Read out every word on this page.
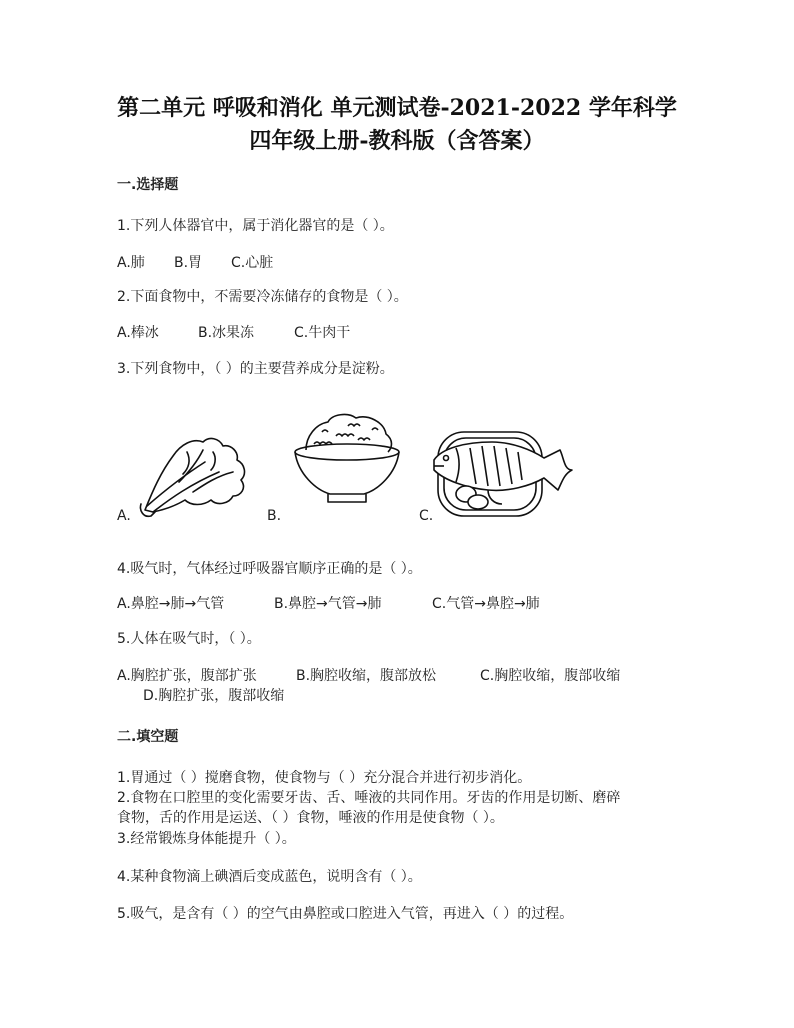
第二单元 呼吸和消化 单元测试卷-2021-2022 学年科学
四年级上册-教科版（含答案）
一.选择题
1.下列人体器官中，属于消化器官的是（ ）。
A.肺 B.胃 C.心脏
2.下面食物中，不需要冷冻储存的食物是（ ）。
A.棒冰	B.冰果冻	C.牛肉干
3.下列食物中，（ ）的主要营养成分是淀粉。
A.	B.	C.
4.吸气时，气体经过呼吸器官顺序正确的是（ ）。
A.鼻腔→肺→气管	B.鼻腔→气管→肺	C.气管→鼻腔→肺
5.人体在吸气时，（ ）。
A.胸腔扩张，腹部扩张	B.胸腔收缩，腹部放松	C.胸腔收缩，腹部收缩
D.胸腔扩张，腹部收缩
二.填空题
1.胃通过（ ）搅磨食物，使食物与（ ）充分混合并进行初步消化。
2.食物在口腔里的变化需要牙齿、舌、唾液的共同作用。牙齿的作用是切断、磨碎
食物，舌的作用是运送、（ ）食物，唾液的作用是使食物（ ）。
3.经常锻炼身体能提升（ ）。
4.某种食物滴上碘酒后变成蓝色，说明含有（ ）。
5.吸气，是含有（ ）的空气由鼻腔或口腔进入气管，再进入（ ）的过程。
